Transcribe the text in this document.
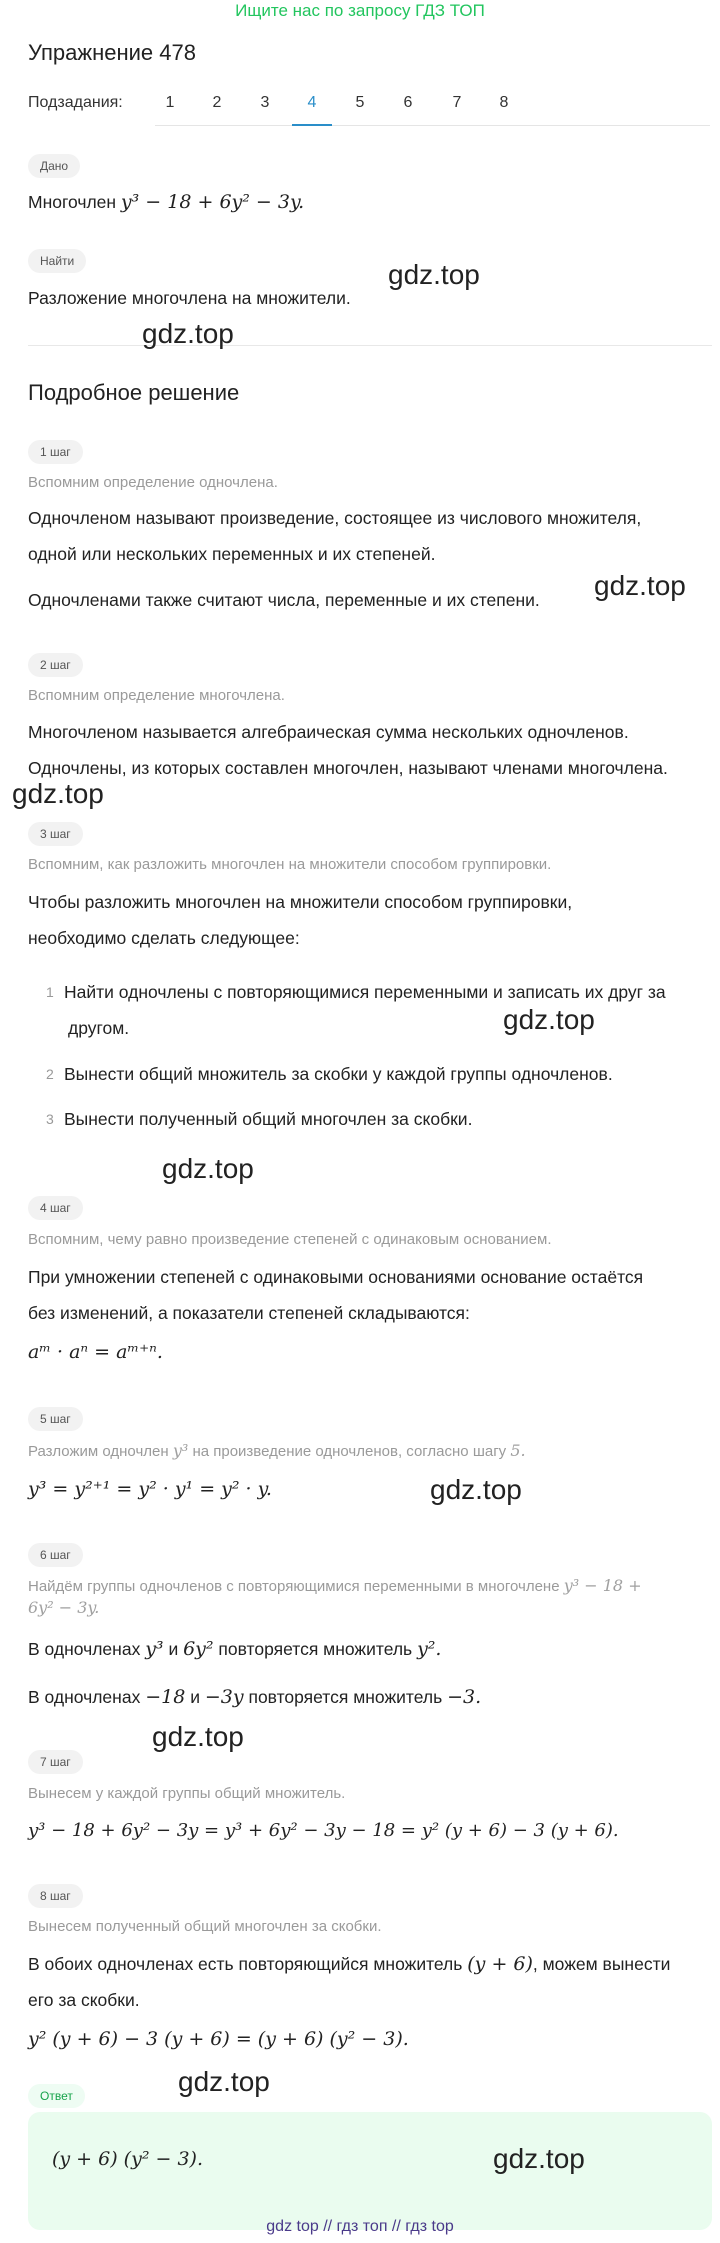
Ищите нас по запросу ГДЗ ТОП
Упражнение 478
Подзадания:	1	2	3	4	5	6	7	8
Дано
Многочлен y³ − 18 + 6y² − 3y.
Найти
Разложение многочлена на множители.
Подробное решение
1 шаг
Вспомним определение одночлена.
Одночленом называют произведение, состоящее из числового множителя,
одной или нескольких переменных и их степеней.
Одночленами также считают числа, переменные и их степени.
2 шаг
Вспомним определение многочлена.
Многочленом называется алгебраическая сумма нескольких одночленов.
Одночлены, из которых составлен многочлен, называют членами многочлена.
3 шаг
Вспомним, как разложить многочлен на множители способом группировки.
Чтобы разложить многочлен на множители способом группировки,
необходимо сделать следующее:
1 Найти одночлены с повторяющимися переменными и записать их друг за
другом.
2 Вынести общий множитель за скобки у каждой группы одночленов.
3 Вынести полученный общий многочлен за скобки.
4 шаг
Вспомним, чему равно произведение степеней с одинаковым основанием.
При умножении степеней с одинаковыми основаниями основание остаётся
без изменений, а показатели степеней складываются:
aᵐ · aⁿ = aᵐ⁺ⁿ.
5 шаг
Разложим одночлен y³ на произведение одночленов, согласно шагу 5.
y³ = y²⁺¹ = y² · y¹ = y² · y.
6 шаг
Найдём группы одночленов с повторяющимися переменными в многочлене y³ − 18 +
6y² − 3y.
В одночленах y³ и 6y² повторяется множитель y².
В одночленах −18 и −3y повторяется множитель −3.
7 шаг
Вынесем у каждой группы общий множитель.
y³ − 18 + 6y² − 3y = y³ + 6y² − 3y − 18 = y² (y + 6) − 3 (y + 6).
8 шаг
Вынесем полученный общий многочлен за скобки.
В обоих одночленах есть повторяющийся множитель (y + 6), можем вынести
его за скобки.
y² (y + 6) − 3 (y + 6) = (y + 6) (y² − 3).
Ответ
(y + 6) (y² − 3).
gdz.top
gdz.top
gdz.top
gdz.top
gdz.top
gdz.top
gdz.top
gdz.top
gdz.top
gdz.top
gdz top // гдз топ // гдз top
